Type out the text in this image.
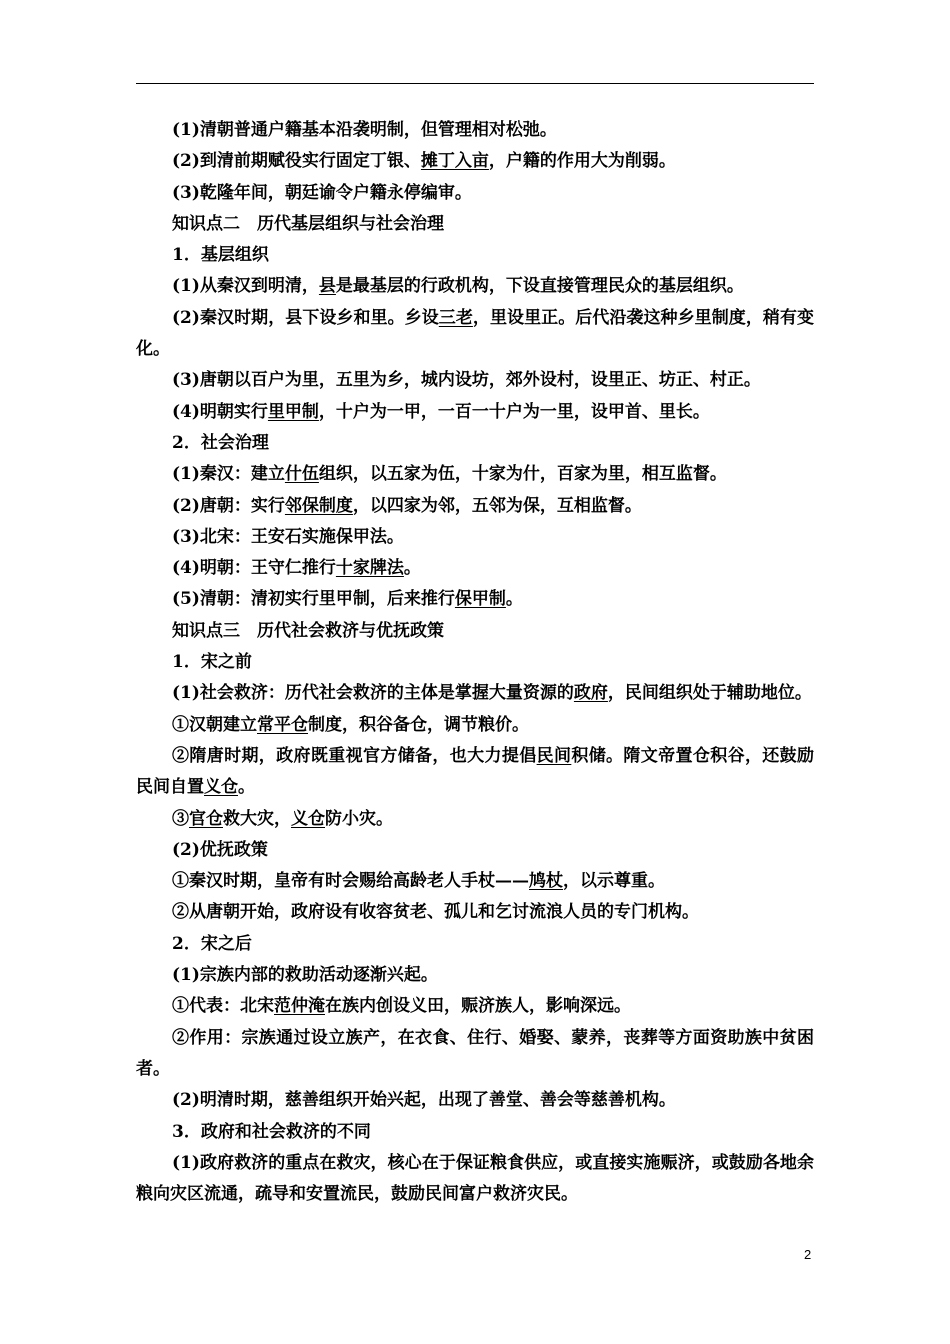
(1)清朝普通户籍基本沿袭明制，但管理相对松弛。

(2)到清前期赋役实行固定丁银、摊丁入亩，户籍的作用大为削弱。

(3)乾隆年间，朝廷谕令户籍永停编审。

知识点二　历代基层组织与社会治理

1．基层组织

(1)从秦汉到明清，县是最基层的行政机构，下设直接管理民众的基层组织。

(2)秦汉时期，县下设乡和里。乡设三老，里设里正。后代沿袭这种乡里制度，稍有变化。

(3)唐朝以百户为里，五里为乡，城内设坊，郊外设村，设里正、坊正、村正。

(4)明朝实行里甲制，十户为一甲，一百一十户为一里，设甲首、里长。

2．社会治理

(1)秦汉：建立什伍组织，以五家为伍，十家为什，百家为里，相互监督。

(2)唐朝：实行邻保制度，以四家为邻，五邻为保，互相监督。

(3)北宋：王安石实施保甲法。

(4)明朝：王守仁推行十家牌法。

(5)清朝：清初实行里甲制，后来推行保甲制。

知识点三　历代社会救济与优抚政策

1．宋之前

(1)社会救济：历代社会救济的主体是掌握大量资源的政府，民间组织处于辅助地位。

①汉朝建立常平仓制度，积谷备仓，调节粮价。

②隋唐时期，政府既重视官方储备，也大力提倡民间积储。隋文帝置仓积谷，还鼓励民间自置义仓。

③官仓救大灾，义仓防小灾。

(2)优抚政策

①秦汉时期，皇帝有时会赐给高龄老人手杖——鸠杖，以示尊重。

②从唐朝开始，政府设有收容贫老、孤儿和乞讨流浪人员的专门机构。

2．宋之后

(1)宗族内部的救助活动逐渐兴起。

①代表：北宋范仲淹在族内创设义田，赈济族人，影响深远。

②作用：宗族通过设立族产，在衣食、住行、婚娶、蒙养，丧葬等方面资助族中贫困者。

(2)明清时期，慈善组织开始兴起，出现了善堂、善会等慈善机构。

3．政府和社会救济的不同

(1)政府救济的重点在救灾，核心在于保证粮食供应，或直接实施赈济，或鼓励各地余粮向灾区流通，疏导和安置流民，鼓励民间富户救济灾民。

2
